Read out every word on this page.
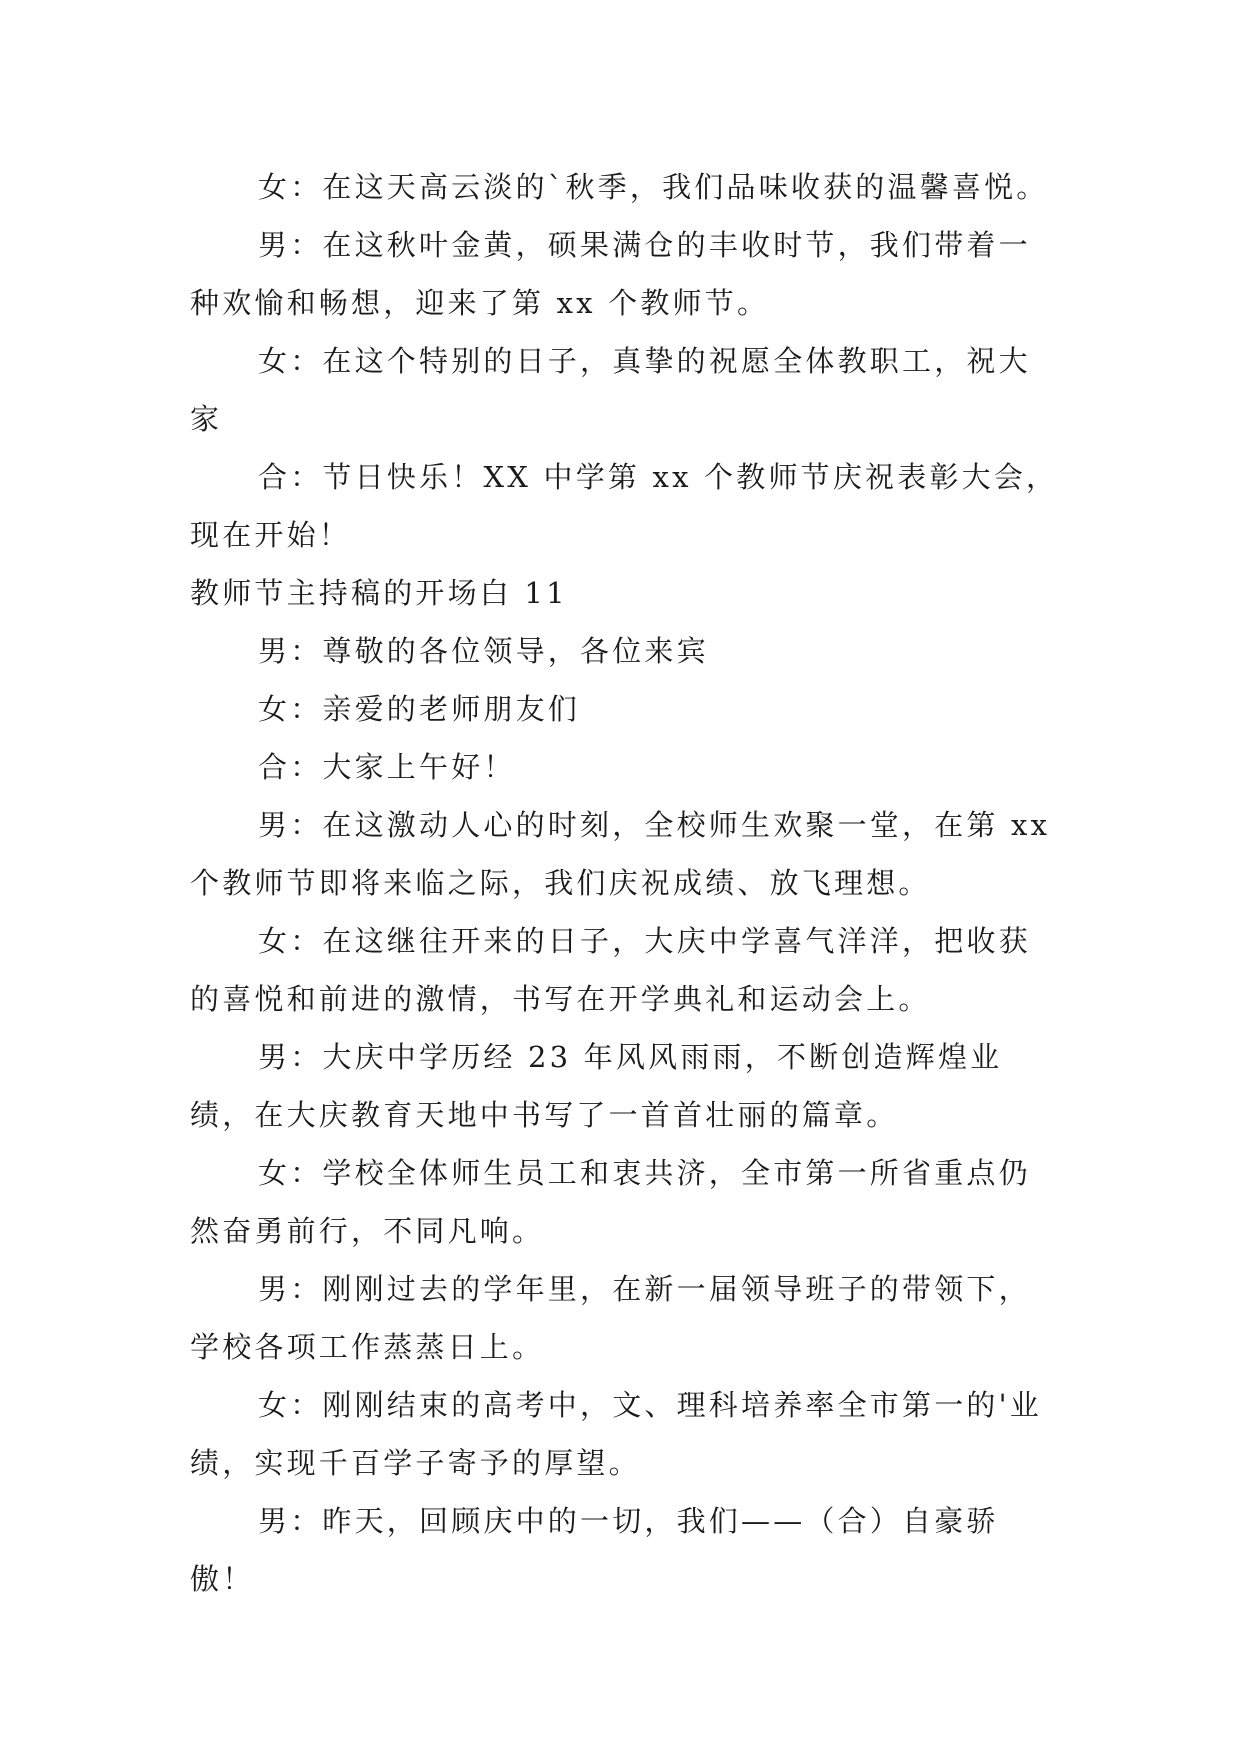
女：在这天高云淡的`秋季，我们品味收获的温馨喜悦。

男：在这秋叶金黄，硕果满仓的丰收时节，我们带着一种欢愉和畅想，迎来了第 xx 个教师节。

女：在这个特别的日子，真挚的祝愿全体教职工，祝大家

合：节日快乐！XX 中学第 xx 个教师节庆祝表彰大会，现在开始！

教师节主持稿的开场白 11

男：尊敬的各位领导，各位来宾

女：亲爱的老师朋友们

合：大家上午好！

男：在这激动人心的时刻，全校师生欢聚一堂，在第 xx 个教师节即将来临之际，我们庆祝成绩、放飞理想。

女：在这继往开来的日子，大庆中学喜气洋洋，把收获的喜悦和前进的激情，书写在开学典礼和运动会上。

男：大庆中学历经 23 年风风雨雨，不断创造辉煌业绩，在大庆教育天地中书写了一首首壮丽的篇章。

女：学校全体师生员工和衷共济，全市第一所省重点仍然奋勇前行，不同凡响。

男：刚刚过去的学年里，在新一届领导班子的带领下，学校各项工作蒸蒸日上。

女：刚刚结束的高考中，文、理科培养率全市第一的'业绩，实现千百学子寄予的厚望。

男：昨天，回顾庆中的一切，我们——（合）自豪骄傲！
